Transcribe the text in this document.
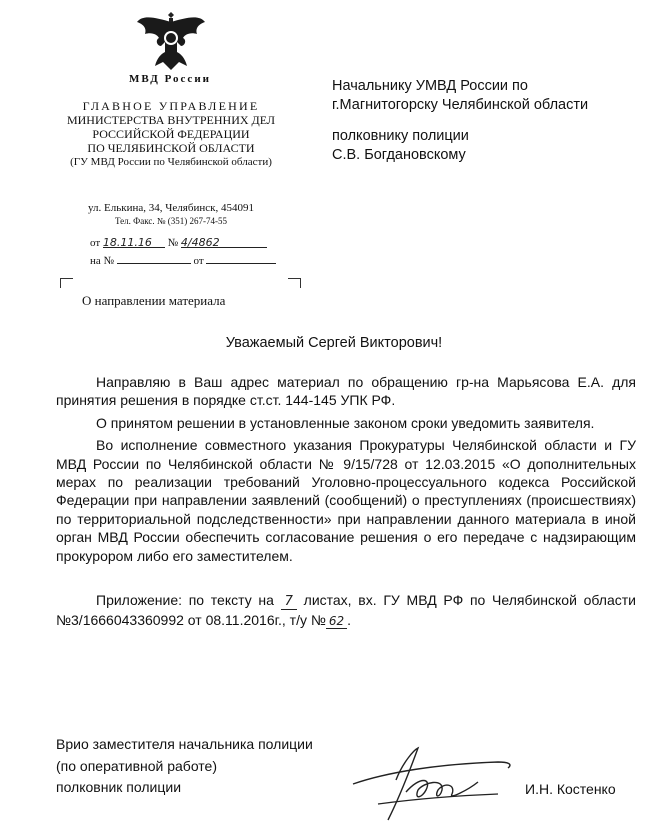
МВД России
ГЛАВНОЕ УПРАВЛЕНИЕ
МИНИСТЕРСТВА ВНУТРЕННИХ ДЕЛ
РОССИЙСКОЙ ФЕДЕРАЦИИ
ПО ЧЕЛЯБИНСКОЙ ОБЛАСТИ
(ГУ МВД России по Челябинской области)
ул. Елькина, 34, Челябинск, 454091
Тел. Факс. № (351) 267-74-55
от 18.11.16 № 4/4862
на №	от
О направлении материала
Начальнику УМВД России по
г.Магнитогорску Челябинской области
полковнику полиции
С.В. Богдановскому
Уважаемый Сергей Викторович!

Направляю в Ваш адрес материал по обращению гр-на Марьясова Е.А. для принятия решения в порядке ст.ст. 144-145 УПК РФ.

О принятом решении в установленные законом сроки уведомить заявителя.

Во исполнение совместного указания Прокуратуры Челябинской области и ГУ МВД России по Челябинской области № 9/15/728 от 12.03.2015 «О дополнительных мерах по реализации требований Уголовно-процессуального кодекса Российской Федерации при направлении заявлений (сообщений) о преступлениях (происшествиях) по территориальной подследственности» при направлении данного материала в иной орган МВД России обеспечить согласование решения о его передаче с надзирающим прокурором либо его заместителем.

Приложение: по тексту на 7 листах, вх. ГУ МВД РФ по Челябинской области №3/1666043360992 от 08.11.2016г., т/у № 62 .

Врио заместителя начальника полиции
(по оперативной работе)
полковник полиции	И.Н. Костенко
